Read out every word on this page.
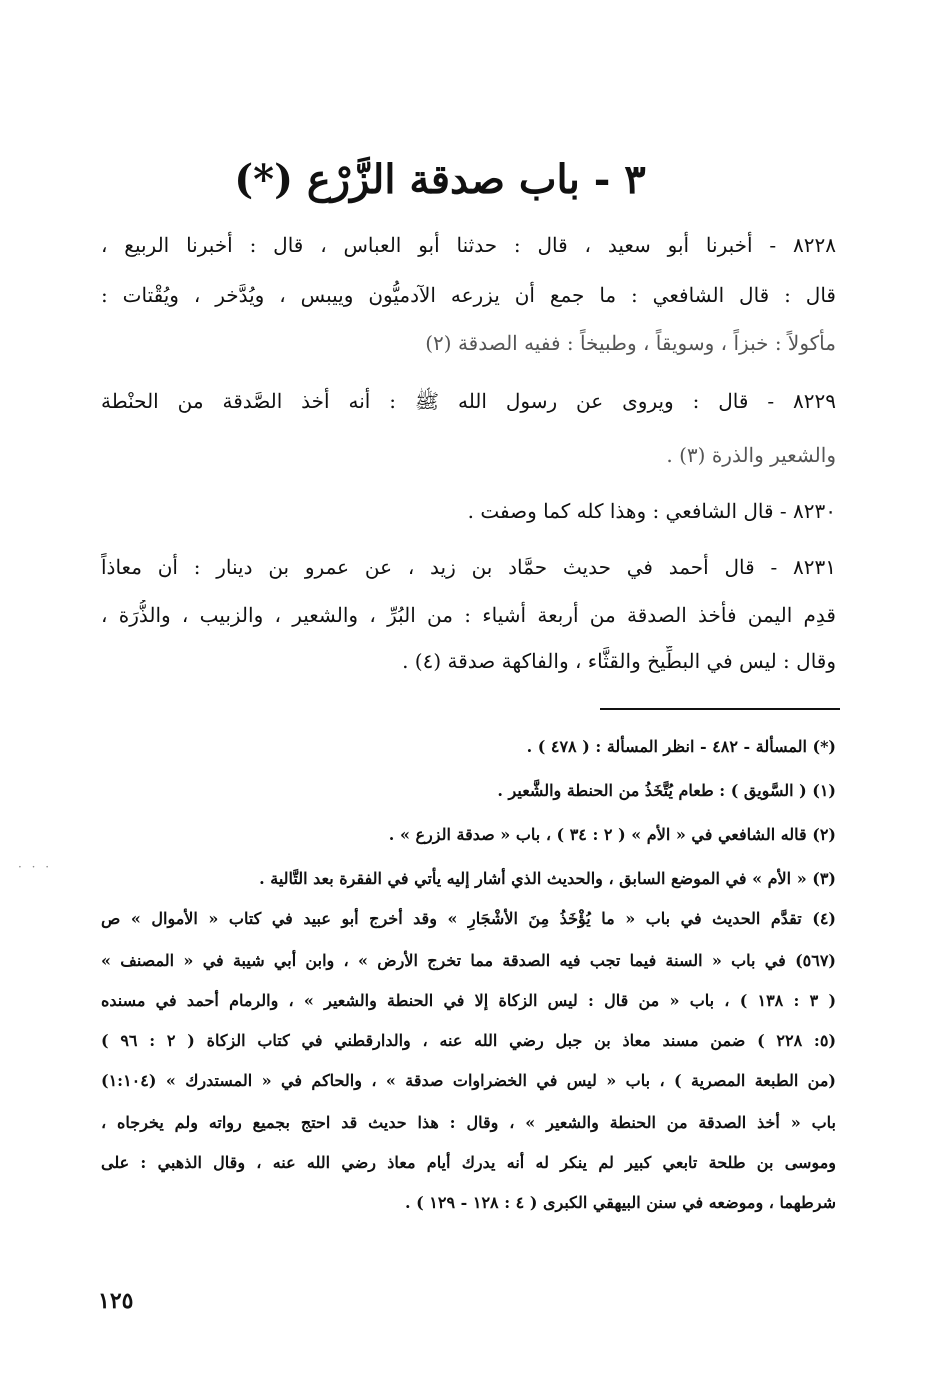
٣ - باب صدقة الزَّرْع (*)
٨٢٢٨ - أخبرنا أبو سعيد ، قال : حدثنا أبو العباس ، قال : أخبرنا الربيع ،
قال : قال الشافعي : ما جمع أن يزرعه الآدميُّون وييبس ، ويُدَّخر ، ويُقْتات :
مأكولاً : خبزاً ، وسويقاً ، وطبيخاً : ففيه الصدقة (٢)
٨٢٢٩ - قال : ويروى عن رسول الله ﷺ : أنه أخذ الصَّدقة من الحنْطة
والشعير والذرة (٣) .
٨٢٣٠ - قال الشافعي : وهذا كله كما وصفت .
٨٢٣١ - قال أحمد في حديث حمَّاد بن زيد ، عن عمرو بن دينار : أن معاذاً
قدِم اليمن فأخذ الصدقة من أربعة أشياء : من البُرِّ ، والشعير ، والزبيب ، والذُّرَة ،
وقال : ليس في البطِّيخ والقثَّاء ، والفاكهة صدقة (٤) .
(*) المسألة - ٤٨٢ - انظر المسألة : ( ٤٧٨ ) .
(١) ( السَّويق ) : طعام يُتَّخَذُ من الحنطة والشَّعير .
(٢) قاله الشافعي في « الأم » ( ٢ : ٣٤ ) ، باب « صدقة الزرع » .
(٣) « الأم » في الموضع السابق ، والحديث الذي أشار إليه يأتي في الفقرة بعد التَّالية .
(٤) تقدَّم الحديث في باب « ما يُؤْخَذُ مِنَ الأشْجَارِ » وقد أخرج أبو عبيد في كتاب « الأموال » ص
(٥٦٧) في باب « السنة فيما تجب فيه الصدقة مما تخرج الأرض » ، وابن أبي شيبة في « المصنف »
( ٣ : ١٣٨ ) ، باب « من قال : ليس الزكاة إلا في الحنطة والشعير » ، والرمام أحمد في مسنده
(٥: ٢٢٨ ) ضمن مسند معاذ بن جبل رضي الله عنه ، والدارقطني في كتاب الزكاة ( ٢ : ٩٦ )
(من الطبعة المصرية ) ، باب « ليس في الخضراوات صدقة » ، والحاكم في « المستدرك » (١:١٠٤)
باب « أخذ الصدقة من الحنطة والشعير » ، وقال : هذا حديث قد احتج بجميع رواته ولم يخرجاه ،
وموسى بن طلحة تابعي كبير لم ينكر له أنه يدرك أيام معاذ رضي الله عنه ، وقال الذهبي : على
شرطهما ، وموضعه في سنن البيهقي الكبرى ( ٤ : ١٢٨ - ١٢٩ ) .
١٢٥
· · ·
